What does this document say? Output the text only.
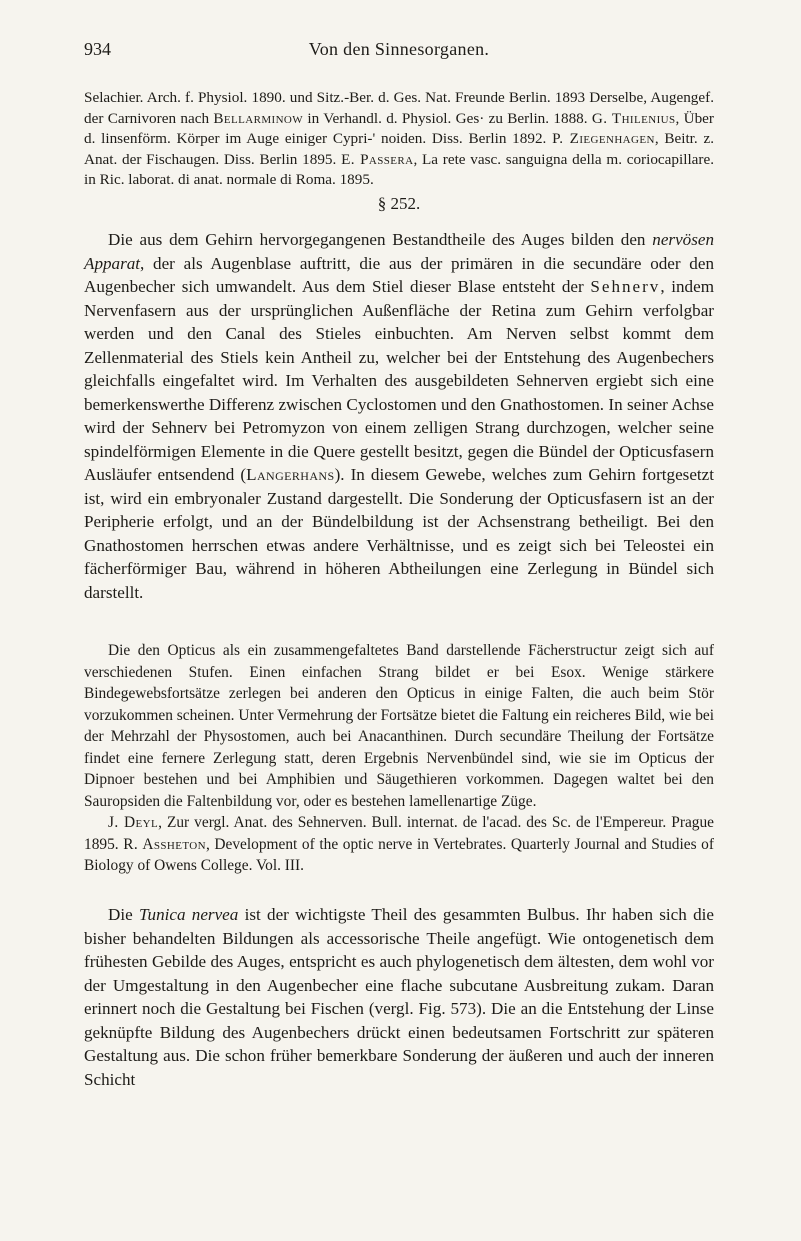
934	Von den Sinnesorganen.

Selachier. Arch. f. Physiol. 1890. und Sitz.-Ber. d. Ges. Nat. Freunde Berlin. 1893 Derselbe, Augengef. der Carnivoren nach Bellarminow in Verhandl. d. Physiol. Ges· zu Berlin. 1888. G. Thilenius, Über d. linsenförm. Körper im Auge einiger Cypri-' noiden. Diss. Berlin 1892. P. Ziegenhagen, Beitr. z. Anat. der Fischaugen. Diss. Berlin 1895. E. Passera, La rete vasc. sanguigna della m. coriocapillare. in Ric. laborat. di anat. normale di Roma. 1895.

§ 252.

Die aus dem Gehirn hervorgegangenen Bestandtheile des Auges bilden den nervösen Apparat, der als Augenblase auftritt, die aus der primären in die secundäre oder den Augenbecher sich umwandelt. Aus dem Stiel dieser Blase entsteht der Sehnerv, indem Nervenfasern aus der ursprünglichen Außenfläche der Retina zum Gehirn verfolgbar werden und den Canal des Stieles einbuchten. Am Nerven selbst kommt dem Zellenmaterial des Stiels kein Antheil zu, welcher bei der Entstehung des Augenbechers gleichfalls eingefaltet wird. Im Verhalten des ausgebildeten Sehnerven ergiebt sich eine bemerkenswerthe Differenz zwischen Cyclostomen und den Gnathostomen. In seiner Achse wird der Sehnerv bei Petromyzon von einem zelligen Strang durchzogen, welcher seine spindelförmigen Elemente in die Quere gestellt besitzt, gegen die Bündel der Opticusfasern Ausläufer entsendend (Langerhans). In diesem Gewebe, welches zum Gehirn fortgesetzt ist, wird ein embryonaler Zustand dargestellt. Die Sonderung der Opticusfasern ist an der Peripherie erfolgt, und an der Bündelbildung ist der Achsenstrang betheiligt. Bei den Gnathostomen herrschen etwas andere Verhältnisse, und es zeigt sich bei Teleostei ein fächerförmiger Bau, während in höheren Abtheilungen eine Zerlegung in Bündel sich darstellt.

Die den Opticus als ein zusammengefaltetes Band darstellende Fächerstructur zeigt sich auf verschiedenen Stufen. Einen einfachen Strang bildet er bei Esox. Wenige stärkere Bindegewebsfortsätze zerlegen bei anderen den Opticus in einige Falten, die auch beim Stör vorzukommen scheinen. Unter Vermehrung der Fortsätze bietet die Faltung ein reicheres Bild, wie bei der Mehrzahl der Physostomen, auch bei Anacanthinen. Durch secundäre Theilung der Fortsätze findet eine fernere Zerlegung statt, deren Ergebnis Nervenbündel sind, wie sie im Opticus der Dipnoer bestehen und bei Amphibien und Säugethieren vorkommen. Dagegen waltet bei den Sauropsiden die Faltenbildung vor, oder es bestehen lamellenartige Züge.

J. Deyl, Zur vergl. Anat. des Sehnerven. Bull. internat. de l'acad. des Sc. de l'Empereur. Prague 1895. R. Assheton, Development of the optic nerve in Vertebrates. Quarterly Journal and Studies of Biology of Owens College. Vol. III.

Die Tunica nervea ist der wichtigste Theil des gesammten Bulbus. Ihr haben sich die bisher behandelten Bildungen als accessorische Theile angefügt. Wie ontogenetisch dem frühesten Gebilde des Auges, entspricht es auch phylogenetisch dem ältesten, dem wohl vor der Umgestaltung in den Augenbecher eine flache subcutane Ausbreitung zukam. Daran erinnert noch die Gestaltung bei Fischen (vergl. Fig. 573). Die an die Entstehung der Linse geknüpfte Bildung des Augenbechers drückt einen bedeutsamen Fortschritt zur späteren Gestaltung aus. Die schon früher bemerkbare Sonderung der äußeren und auch der inneren Schicht
